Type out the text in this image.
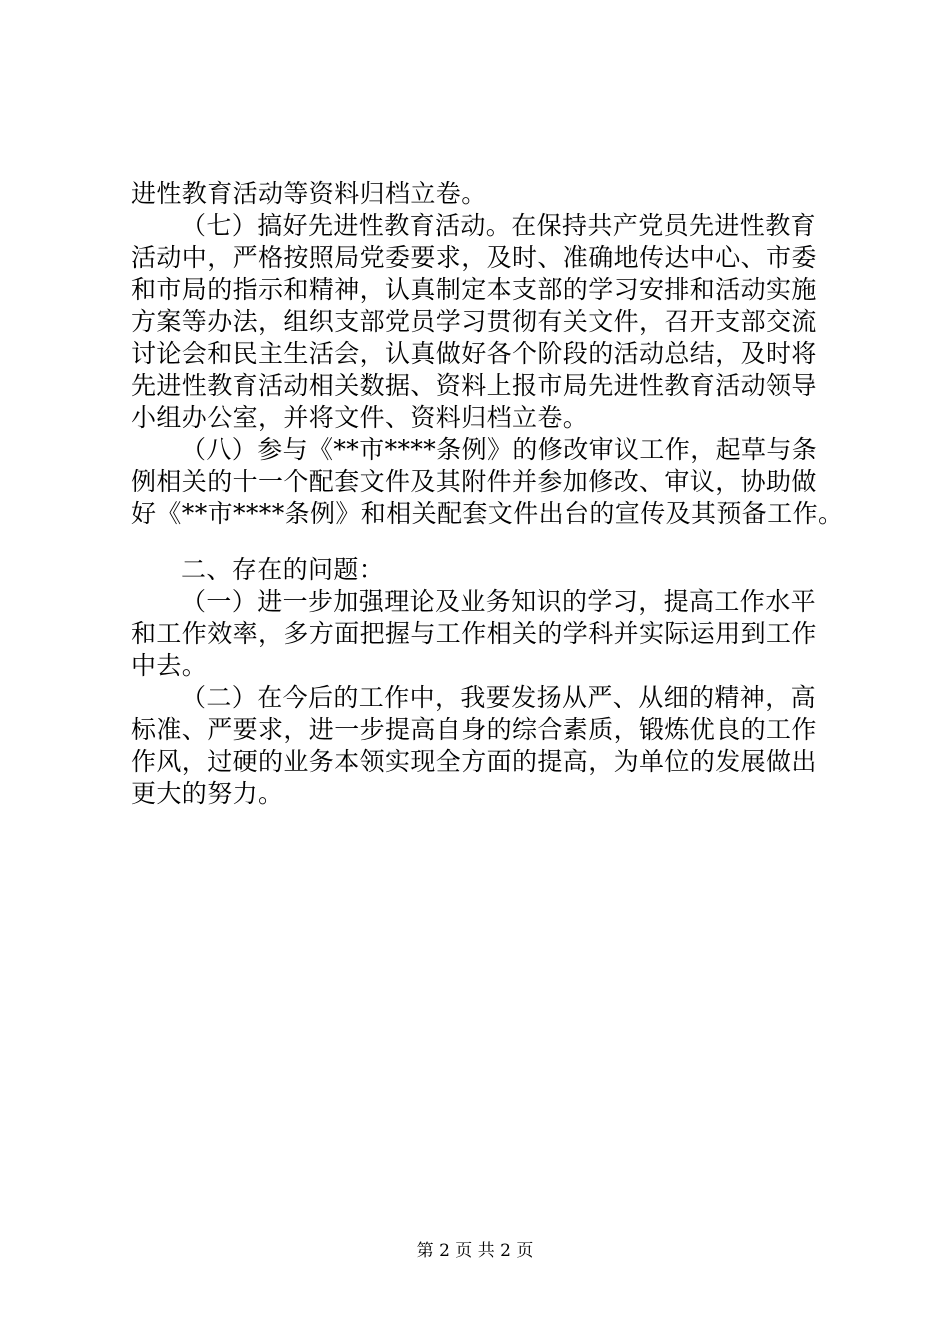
进性教育活动等资料归档立卷。
（七）搞好先进性教育活动。在保持共产党员先进性教育
活动中，严格按照局党委要求，及时、准确地传达中心、市委
和市局的指示和精神，认真制定本支部的学习安排和活动实施
方案等办法，组织支部党员学习贯彻有关文件，召开支部交流
讨论会和民主生活会，认真做好各个阶段的活动总结，及时将
先进性教育活动相关数据、资料上报市局先进性教育活动领导
小组办公室，并将文件、资料归档立卷。
（八）参与《**市****条例》的修改审议工作，起草与条
例相关的十一个配套文件及其附件并参加修改、审议，协助做
好《**市****条例》和相关配套文件出台的宣传及其预备工作。
二、存在的问题：
（一）进一步加强理论及业务知识的学习，提高工作水平
和工作效率，多方面把握与工作相关的学科并实际运用到工作
中去。
（二）在今后的工作中，我要发扬从严、从细的精神，高
标准、严要求，进一步提高自身的综合素质，锻炼优良的工作
作风，过硬的业务本领实现全方面的提高，为单位的发展做出
更大的努力。
第 2 页 共 2 页
